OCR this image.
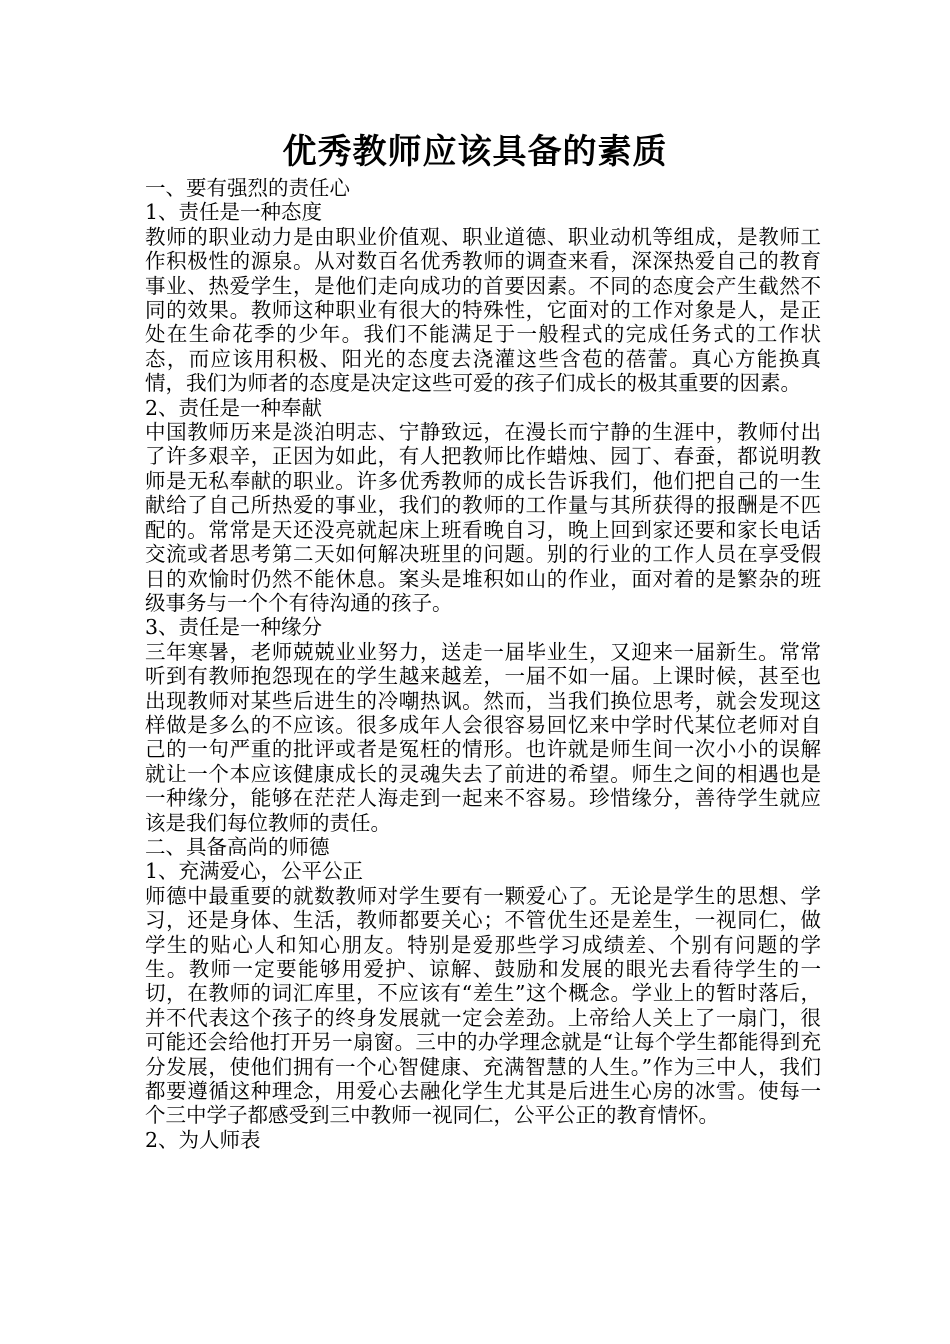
优秀教师应该具备的素质

一、要有强烈的责任心

1、责任是一种态度

教师的职业动力是由职业价值观、职业道德、职业动机等组成，是教师工作积极性的源泉。从对数百名优秀教师的调查来看，深深热爱自己的教育事业、热爱学生，是他们走向成功的首要因素。不同的态度会产生截然不同的效果。教师这种职业有很大的特殊性，它面对的工作对象是人，是正处在生命花季的少年。我们不能满足于一般程式的完成任务式的工作状态，而应该用积极、阳光的态度去浇灌这些含苞的蓓蕾。真心方能换真情，我们为师者的态度是决定这些可爱的孩子们成长的极其重要的因素。

2、责任是一种奉献

中国教师历来是淡泊明志、宁静致远，在漫长而宁静的生涯中，教师付出了许多艰辛，正因为如此，有人把教师比作蜡烛、园丁、春蚕，都说明教师是无私奉献的职业。许多优秀教师的成长告诉我们，他们把自己的一生献给了自己所热爱的事业，我们的教师的工作量与其所获得的报酬是不匹配的。常常是天还没亮就起床上班看晚自习，晚上回到家还要和家长电话交流或者思考第二天如何解决班里的问题。别的行业的工作人员在享受假日的欢愉时仍然不能休息。案头是堆积如山的作业，面对着的是繁杂的班级事务与一个个有待沟通的孩子。

3、责任是一种缘分

三年寒暑，老师兢兢业业努力，送走一届毕业生，又迎来一届新生。常常听到有教师抱怨现在的学生越来越差，一届不如一届。上课时候，甚至也出现教师对某些后进生的冷嘲热讽。然而，当我们换位思考，就会发现这样做是多么的不应该。很多成年人会很容易回忆来中学时代某位老师对自己的一句严重的批评或者是冤枉的情形。也许就是师生间一次小小的误解就让一个本应该健康成长的灵魂失去了前进的希望。师生之间的相遇也是一种缘分，能够在茫茫人海走到一起来不容易。珍惜缘分，善待学生就应该是我们每位教师的责任。

二、具备高尚的师德

1、充满爱心，公平公正

师德中最重要的就数教师对学生要有一颗爱心了。无论是学生的思想、学习，还是身体、生活，教师都要关心；不管优生还是差生，一视同仁，做学生的贴心人和知心朋友。特别是爱那些学习成绩差、个别有问题的学生。教师一定要能够用爱护、谅解、鼓励和发展的眼光去看待学生的一切，在教师的词汇库里，不应该有“差生”这个概念。学业上的暂时落后，并不代表这个孩子的终身发展就一定会差劲。上帝给人关上了一扇门，很可能还会给他打开另一扇窗。三中的办学理念就是“让每个学生都能得到充分发展，使他们拥有一个心智健康、充满智慧的人生。”作为三中人，我们都要遵循这种理念，用爱心去融化学生尤其是后进生心房的冰雪。使每一个三中学子都感受到三中教师一视同仁，公平公正的教育情怀。

2、为人师表
